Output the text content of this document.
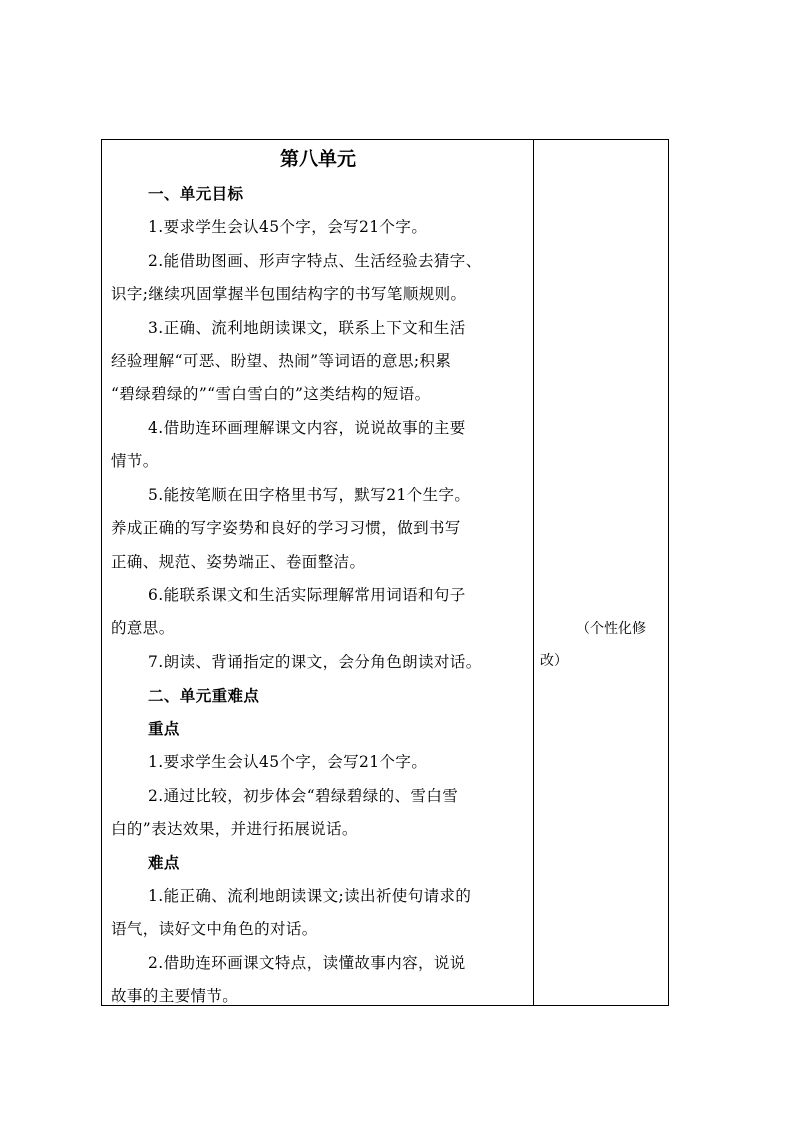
第八单元
一、单元目标
1.要求学生会认45个字，会写21个字。
2.能借助图画、形声字特点、生活经验去猜字、
识字;继续巩固掌握半包围结构字的书写笔顺规则。
3.正确、流利地朗读课文，联系上下文和生活
经验理解“可恶、盼望、热闹”等词语的意思;积累
“碧绿碧绿的”“雪白雪白的”这类结构的短语。
4.借助连环画理解课文内容，说说故事的主要
情节。
5.能按笔顺在田字格里书写，默写21个生字。
养成正确的写字姿势和良好的学习习惯，做到书写
正确、规范、姿势端正、卷面整洁。
6.能联系课文和生活实际理解常用词语和句子
的意思。
7.朗读、背诵指定的课文，会分角色朗读对话。
二、单元重难点
重点
1.要求学生会认45个字，会写21个字。
2.通过比较，初步体会“碧绿碧绿的、雪白雪
白的”表达效果，并进行拓展说话。
难点
1.能正确、流利地朗读课文;读出祈使句请求的
语气，读好文中角色的对话。
2.借助连环画课文特点，读懂故事内容，说说
故事的主要情节。
（个性化修
改）
